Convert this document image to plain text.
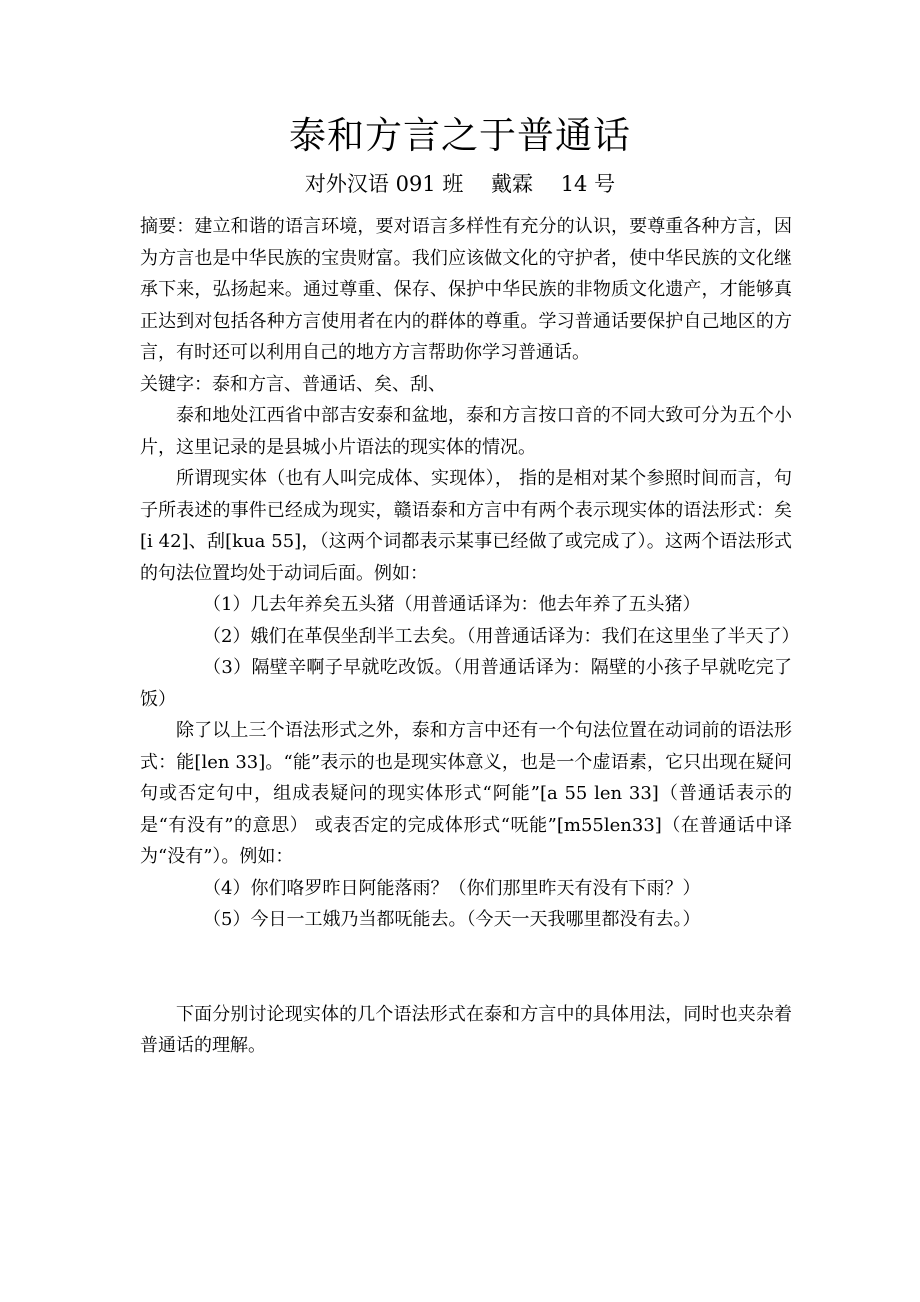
泰和方言之于普通话
对外汉语 091 班　 戴霖　 14 号

摘要：建立和谐的语言环境，要对语言多样性有充分的认识，要尊重各种方言，因为方言也是中华民族的宝贵财富。我们应该做文化的守护者，使中华民族的文化继承下来，弘扬起来。通过尊重、保存、保护中华民族的非物质文化遗产，才能够真正达到对包括各种方言使用者在内的群体的尊重。学习普通话要保护自己地区的方言，有时还可以利用自己的地方方言帮助你学习普通话。

关键字：泰和方言、普通话、矣、刮、

泰和地处江西省中部吉安泰和盆地，泰和方言按口音的不同大致可分为五个小片，这里记录的是县城小片语法的现实体的情况。

所谓现实体（也有人叫完成体、实现体）， 指的是相对某个参照时间而言，句子所表述的事件已经成为现实，赣语泰和方言中有两个表示现实体的语法形式：矣[i 42]、刮[kua 55]，（这两个词都表示某事已经做了或完成了）。这两个语法形式的句法位置均处于动词后面。例如：

（1）几去年养矣五头猪（用普通话译为：他去年养了五头猪）

（2）娥们在革俣坐刮半工去矣。（用普通话译为：我们在这里坐了半天了）

（3）隔壁辛啊子早就吃改饭。（用普通话译为：隔壁的小孩子早就吃完了饭）

除了以上三个语法形式之外，泰和方言中还有一个句法位置在动词前的语法形式：能[len 33]。“能”表示的也是现实体意义，也是一个虚语素，它只出现在疑问句或否定句中，组成表疑问的现实体形式“阿能”[a 55 len 33]（普通话表示的是“有没有”的意思） 或表否定的完成体形式“呒能”[m55len33]（在普通话中译为“没有”）。例如：

（4）你们咯罗昨日阿能落雨？（你们那里昨天有没有下雨？）

（5）今日一工娥乃当都呒能去。（今天一天我哪里都没有去。）

下面分别讨论现实体的几个语法形式在泰和方言中的具体用法，同时也夹杂着普通话的理解。
